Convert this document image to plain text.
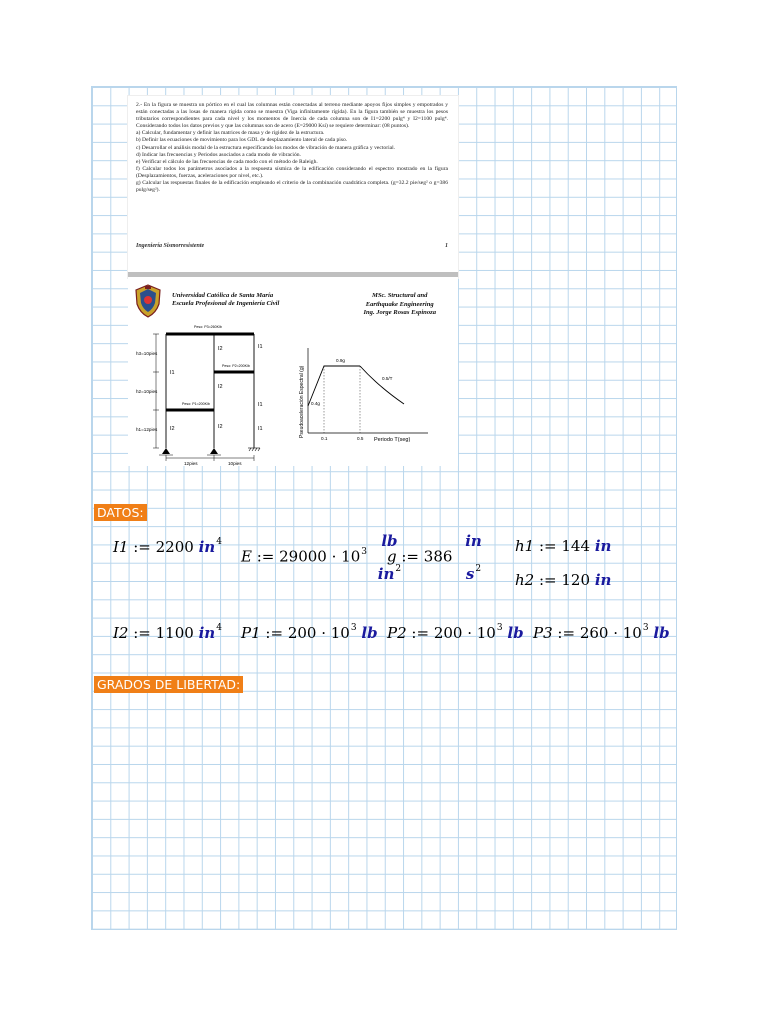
2.- En la figura se muestra un pórtico en el cual las columnas están conectadas al terreno mediante apoyos fijos simples y empotrados y están conectadas a las losas de manera rígida como se muestra (Viga infinitamente rígida). En la figura también se muestra los pesos tributarios correspondientes para cada nivel y los momentos de Inercia de cada columna son de I1=2200 pulg⁴ y I2=1100 pulg⁴. Considerando todos los datos previos y que las columnas son de acero (E=29000 Ksi) se requiere determinar: (08 puntos).
a) Calcular, fundamentar y definir las matrices de masa y de rigidez de la estructura.
b) Definir las ecuaciones de movimiento para los GDL de desplazamiento lateral de cada piso.
c) Desarrollar el análisis modal de la estructura especificando los modos de vibración de manera gráfica y vectorial.
d) Indicar las frecuencias y Periodos asociados a cada modo de vibración.
e) Verificar el cálculo de las frecuencias de cada modo con el método de Raleigh.
f) Calcular todos los parámetros asociados a la respuesta sísmica de la edificación considerando el espectro mostrado en la figura (Desplazamientos, fuerzas, aceleraciones por nivel, etc.).
g) Calcular las respuestas finales de la edificación empleando el criterio de la combinación cuadrática completa. (g=32.2 pie/seg² o g=386 pulg/seg²).
Ingeniería Sismorresistente	1
Universidad Católica de Santa María
Escuela Profesional de Ingeniería Civil
MSc. Structural and
Earthquake Engineering
Ing. Jorge Rosas Espinoza
h3=10pies
h2=10pies
h1=12pies
12pies	10pies
Peso: P3=260Klb
Peso: P2=200Klb
Peso: P1=200Klb
I1
I2
I2
I1
I2
I1
I2	I1	Pseudoaceleración Espectral (g)
0.9g
0.4g
0.5/T
0.1	0.5 Periodo T(seg)
DATOS:
I1 := 2200 $in^4$
E := $29000 \cdot 10^3$
lb
$in^2$
g := 386
in
$s^2$
h1 := 144 in
h2 := 120 in
I2 := 1100 $in^4$ P1 := $200 \cdot 10^3$ lb P2 := $200 \cdot 10^3$ lb P3 := $260 \cdot 10^3$ lb
GRADOS DE LIBERTAD:
